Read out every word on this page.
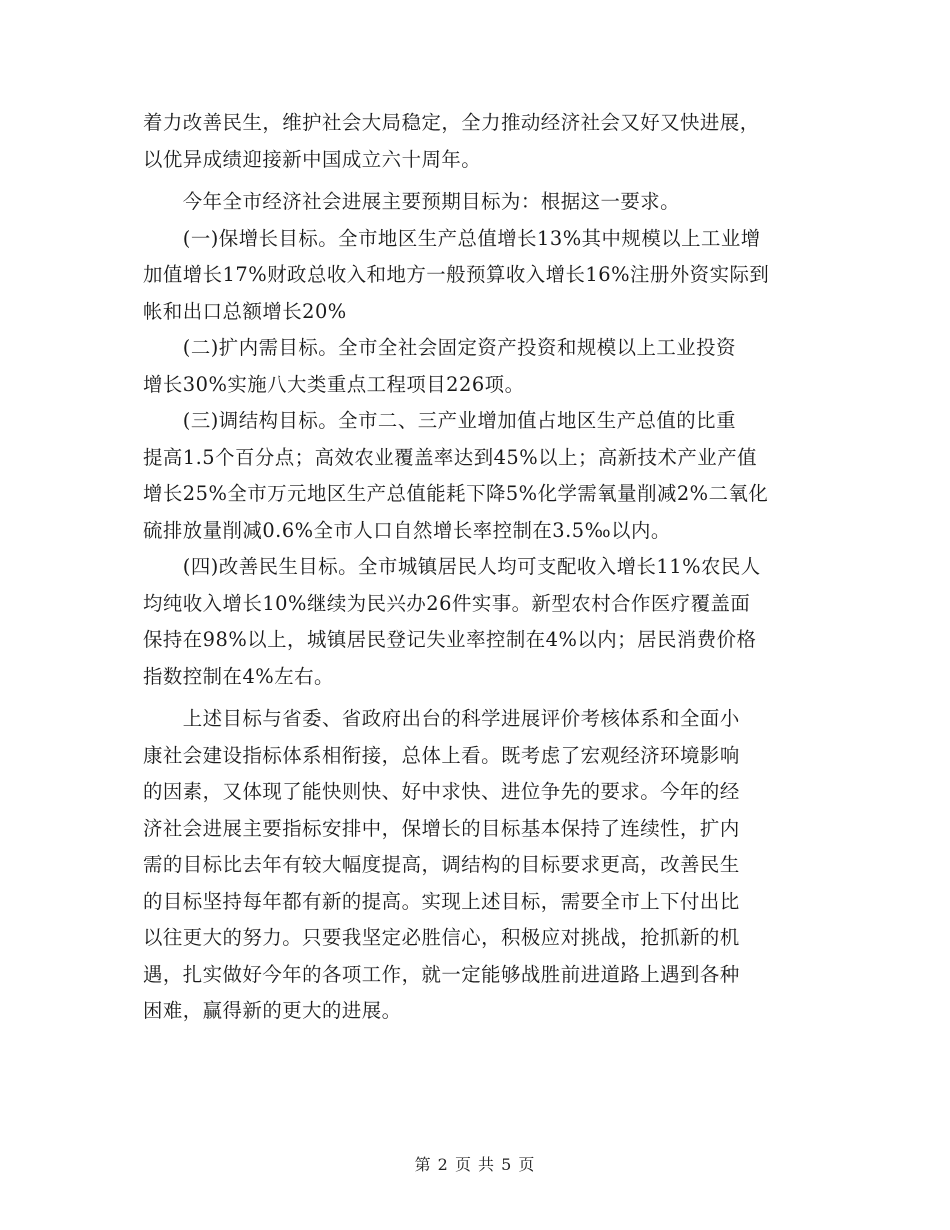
着力改善民生，维护社会大局稳定，全力推动经济社会又好又快进展，
以优异成绩迎接新中国成立六十周年。
　　今年全市经济社会进展主要预期目标为：根据这一要求。
　　(一)保增长目标。全市地区生产总值增长13%其中规模以上工业增
加值增长17%财政总收入和地方一般预算收入增长16%注册外资实际到
帐和出口总额增长20%
　　(二)扩内需目标。全市全社会固定资产投资和规模以上工业投资
增长30%实施八大类重点工程项目226项。
　　(三)调结构目标。全市二、三产业增加值占地区生产总值的比重
提高1.5个百分点；高效农业覆盖率达到45%以上；高新技术产业产值
增长25%全市万元地区生产总值能耗下降5%化学需氧量削减2%二氧化
硫排放量削减0.6%全市人口自然增长率控制在3.5‰以内。
　　(四)改善民生目标。全市城镇居民人均可支配收入增长11%农民人
均纯收入增长10%继续为民兴办26件实事。新型农村合作医疗覆盖面
保持在98%以上，城镇居民登记失业率控制在4%以内；居民消费价格
指数控制在4%左右。
　　上述目标与省委、省政府出台的科学进展评价考核体系和全面小
康社会建设指标体系相衔接，总体上看。既考虑了宏观经济环境影响
的因素，又体现了能快则快、好中求快、进位争先的要求。今年的经
济社会进展主要指标安排中，保增长的目标基本保持了连续性，扩内
需的目标比去年有较大幅度提高，调结构的目标要求更高，改善民生
的目标坚持每年都有新的提高。实现上述目标，需要全市上下付出比
以往更大的努力。只要我坚定必胜信心，积极应对挑战，抢抓新的机
遇，扎实做好今年的各项工作，就一定能够战胜前进道路上遇到各种
困难，赢得新的更大的进展。
第 2 页 共 5 页
